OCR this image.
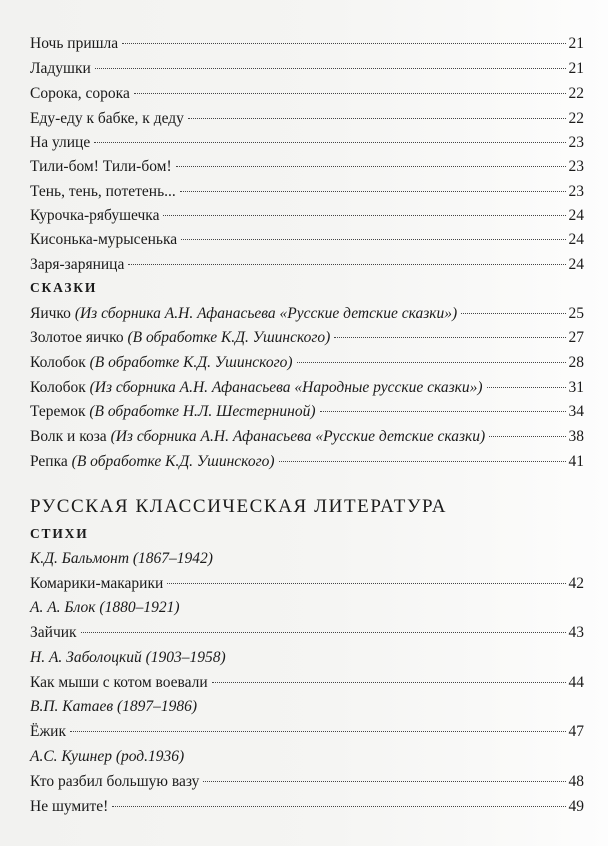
Ночь пришла	21
Ладушки	21
Сорока, сорока	22
Еду-еду к бабке, к деду	22
На улице	23
Тили-бом! Тили-бом!	23
Тень, тень, потетень...	23
Курочка-рябушечка	24
Кисонька-мурысенька	24
Заря-заряница	24
СКАЗКИ
Яичко (Из сборника А.Н. Афанасьева «Русские детские сказки»)	25
Золотое яичко (В обработке К.Д. Ушинского)	27
Колобок (В обработке К.Д. Ушинского)	28
Колобок (Из сборника А.Н. Афанасьева «Народные русские сказки»)	31
Теремок (В обработке Н.Л. Шестерниной)	34
Волк и коза (Из сборника А.Н. Афанасьева «Русские детские сказки)	38
Репка (В обработке К.Д. Ушинского)	41
РУССКАЯ КЛАССИЧЕСКАЯ ЛИТЕРАТУРА
СТИХИ
К.Д. Бальмонт (1867–1942)
Комарики-макарики	42
А. А. Блок (1880–1921)
Зайчик	43
Н. А. Заболоцкий (1903–1958)
Как мыши с котом воевали	44
В.П. Катаев (1897–1986)
Ёжик	47
А.С. Кушнер (род.1936)
Кто разбил большую вазу	48
Не шумите!	49
